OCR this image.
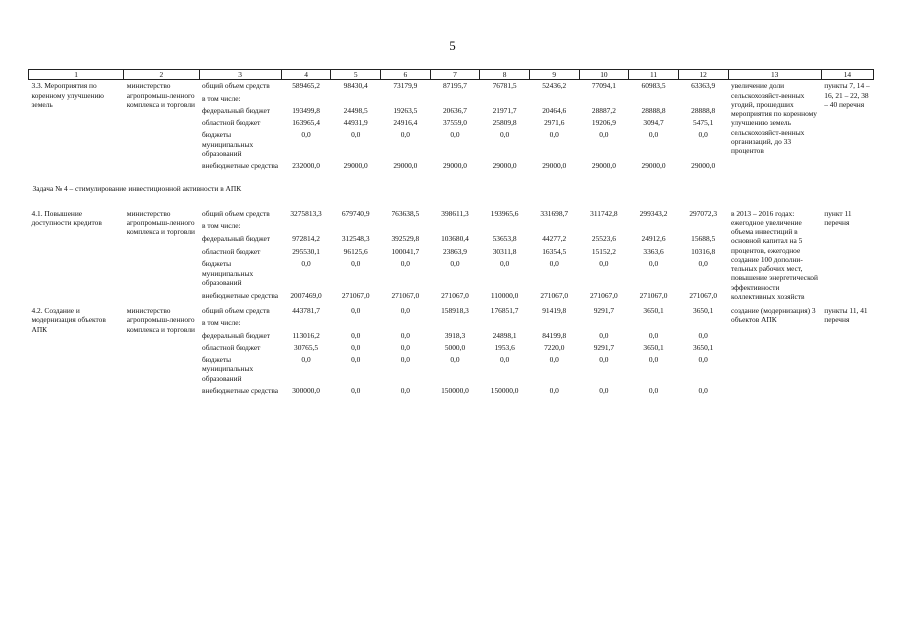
5
1	2	3	4	5	6	7	8	9	10	11	12	13	14
3.3. Мероприятия по коренному улучшению земель	министерство агропромыш-ленного комплекса и торговли	общий объем средств	589465,2	98430,4	73179,9	87195,7	76781,5	52436,2	77094,1	60983,5	63363,9	увеличение доли сельскохозяйст-венных угодий, прошедших мероприятия по коренному улучшению земель сельскохозяйст-венных организаций, до 33 процентов	пункты 7, 14 – 16, 21 – 22, 38 – 40 перечня
		в том числе:											
		федеральный бюджет	193499,8	24498,5	19263,5	20636,7	21971,7	20464,6	28887,2	28888,8	28888,8		
		областной бюджет	163965,4	44931,9	24916,4	37559,0	25809,8	2971,6	19206,9	3094,7	5475,1		
		бюджеты муниципальных образований	0,0	0,0	0,0	0,0	0,0	0,0	0,0	0,0	0,0		
		внебюджетные средства	232000,0	29000,0	29000,0	29000,0	29000,0	29000,0	29000,0	29000,0	29000,0		
Задача № 4 – стимулирование инвестиционной активности в АПК													
4.1. Повышение доступности кредитов	министерство агропромыш-ленного комплекса и торговли	общий объем средств	3275813,3	679740,9	763638,5	398611,3	193965,6	331698,7	311742,8	299343,2	297072,3	в 2013 – 2016 годах: ежегодное увеличение объема инвестиций в основной капитал на 5 процентов, ежегодное создание 100 дополни-тельных рабочих мест, повышение энергетической эффективности коллективных хозяйств	пункт 11 перечня
		в том числе:											
		федеральный бюджет	972814,2	312548,3	392529,8	103680,4	53653,8	44277,2	25523,6	24912,6	15688,5		
		областной бюджет	295530,1	96125,6	100041,7	23863,9	30311,8	16354,5	15152,2	3363,6	10316,8		
		бюджеты муниципальных образований	0,0	0,0	0,0	0,0	0,0	0,0	0,0	0,0	0,0		
		внебюджетные средства	2007469,0	271067,0	271067,0	271067,0	110000,0	271067,0	271067,0	271067,0	271067,0		

4.2. Создание и модернизация объектов АПК	министерство агропромыш-ленного комплекса и торговли	общий объем средств	443781,7	0,0	0,0	158918,3	176851,7	91419,8	9291,7	3650,1	3650,1	создание (модернизация) 3 объектов АПК	пункты 11, 41 перечня
		в том числе:											
		федеральный бюджет	113016,2	0,0	0,0	3918,3	24898,1	84199,8	0,0	0,0	0,0		
		областной бюджет	30765,5	0,0	0,0	5000,0	1953,6	7220,0	9291,7	3650,1	3650,1		
		бюджеты муниципальных образований	0,0	0,0	0,0	0,0	0,0	0,0	0,0	0,0	0,0		
		внебюджетные средства	300000,0	0,0	0,0	150000,0	150000,0	0,0	0,0	0,0	0,0		
